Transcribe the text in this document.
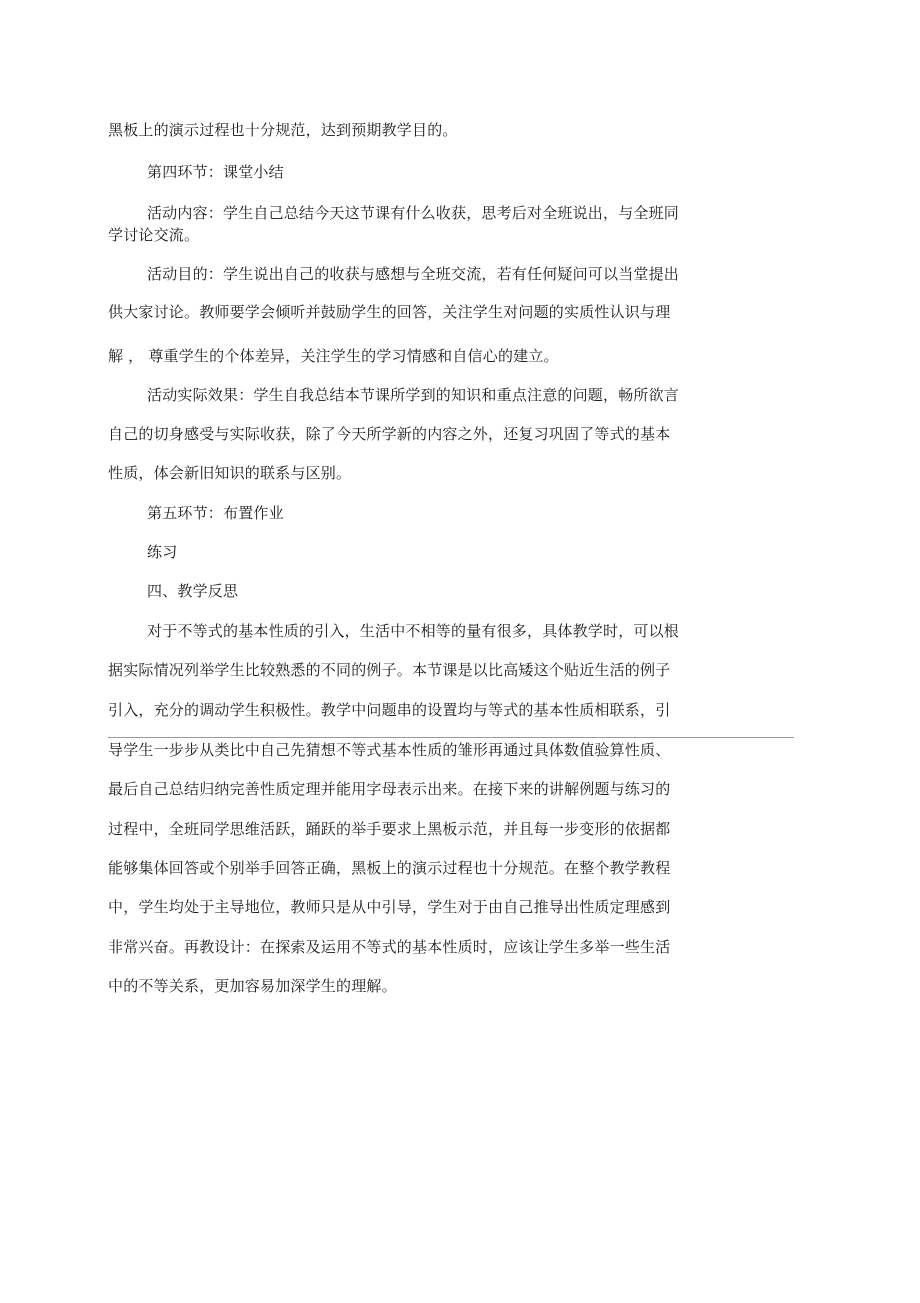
黑板上的演示过程也十分规范，达到预期教学目的。
第四环节：课堂小结
活动内容：学生自己总结今天这节课有什么收获，思考后对全班说出，与全班同
学讨论交流。
活动目的：学生说出自己的收获与感想与全班交流，若有任何疑问可以当堂提出
供大家讨论。教师要学会倾听并鼓励学生的回答，关注学生对问题的实质性认识与理
解 ， 尊重学生的个体差异，关注学生的学习情感和自信心的建立。
活动实际效果：学生自我总结本节课所学到的知识和重点注意的问题，畅所欲言
自己的切身感受与实际收获，除了今天所学新的内容之外，还复习巩固了等式的基本
性质，体会新旧知识的联系与区别。
第五环节：布置作业
练习
四、教学反思
对于不等式的基本性质的引入，生活中不相等的量有很多，具体教学时，可以根
据实际情况列举学生比较熟悉的不同的例子。本节课是以比高矮这个贴近生活的例子
引入，充分的调动学生积极性。教学中问题串的设置均与等式的基本性质相联系，引
导学生一步步从类比中自己先猜想不等式基本性质的雏形再通过具体数值验算性质、
最后自己总结归纳完善性质定理并能用字母表示出来。在接下来的讲解例题与练习的
过程中，全班同学思维活跃，踊跃的举手要求上黑板示范，并且每一步变形的依据都
能够集体回答或个别举手回答正确，黑板上的演示过程也十分规范。在整个教学教程
中，学生均处于主导地位，教师只是从中引导，学生对于由自己推导出性质定理感到
非常兴奋。再教设计：在探索及运用不等式的基本性质时，应该让学生多举一些生活
中的不等关系，更加容易加深学生的理解。
